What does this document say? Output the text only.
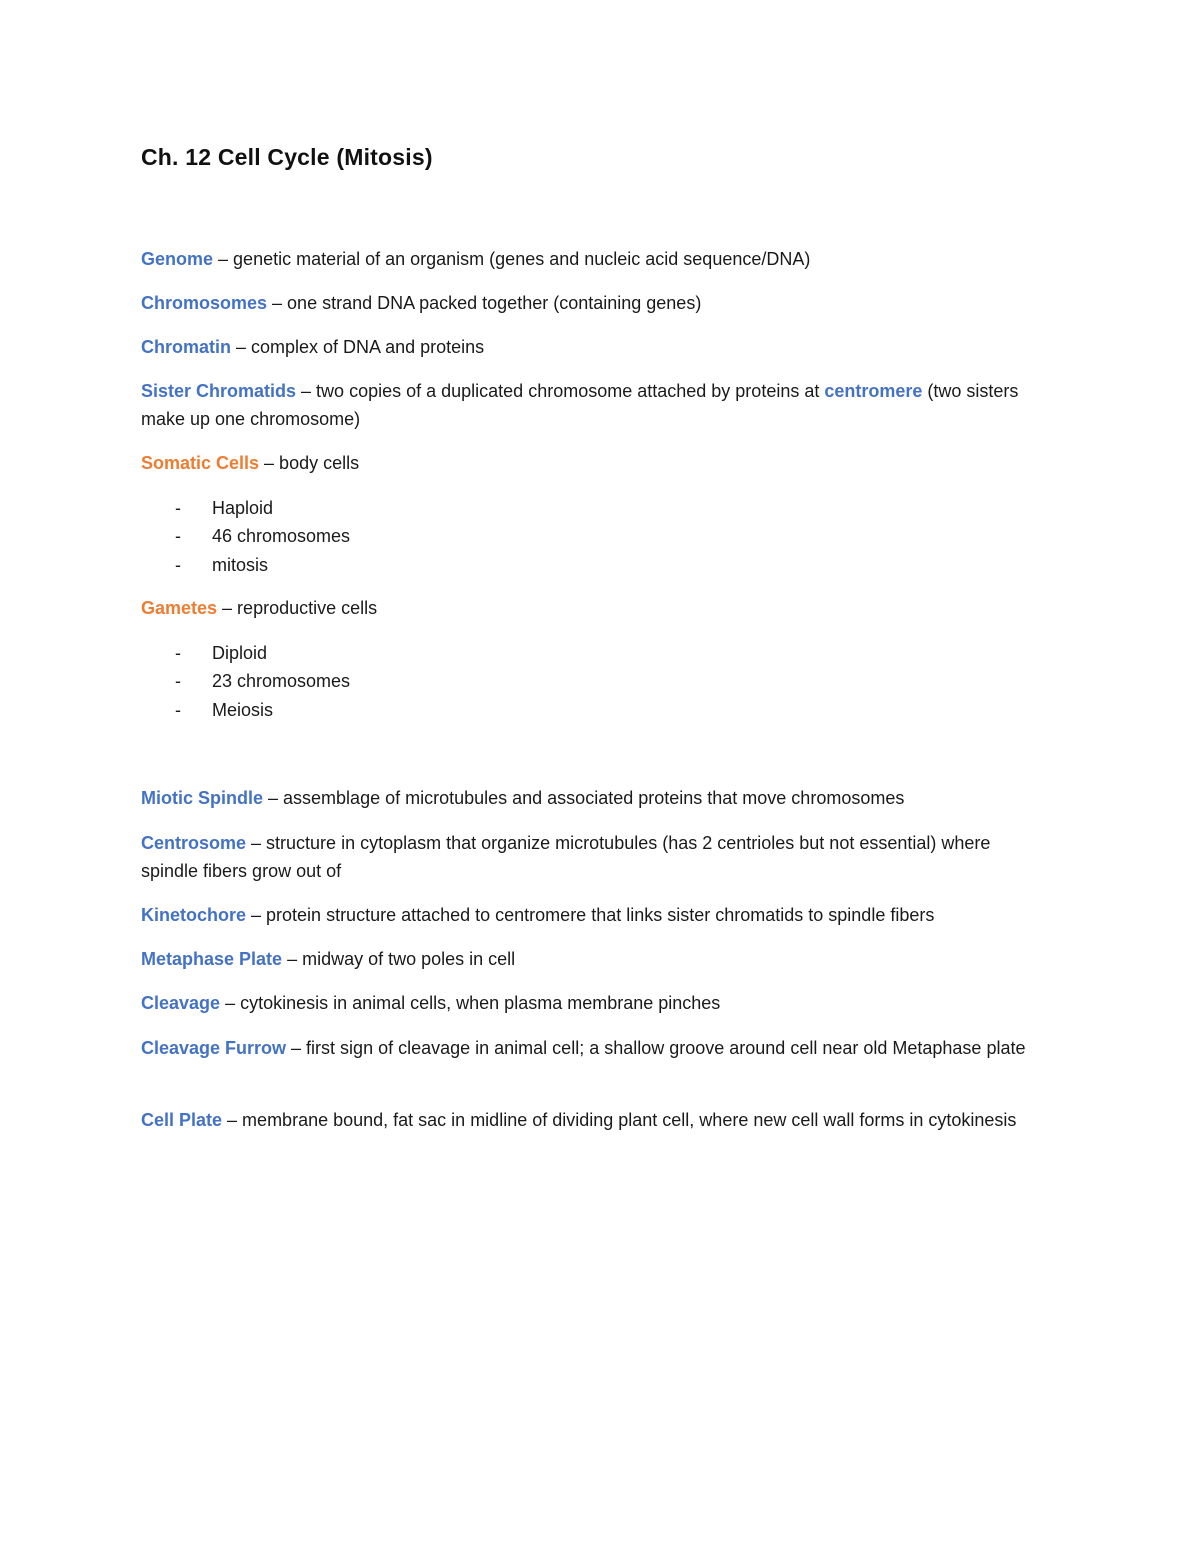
Ch. 12 Cell Cycle (Mitosis)

Genome – genetic material of an organism (genes and nucleic acid sequence/DNA)

Chromosomes – one strand DNA packed together (containing genes)

Chromatin – complex of DNA and proteins

Sister Chromatids – two copies of a duplicated chromosome attached by proteins at centromere (two sisters make up one chromosome)

Somatic Cells – body cells

- Haploid
- 46 chromosomes
- mitosis

Gametes – reproductive cells

- Diploid
- 23 chromosomes
- Meiosis

Miotic Spindle – assemblage of microtubules and associated proteins that move chromosomes

Centrosome – structure in cytoplasm that organize microtubules (has 2 centrioles but not essential) where spindle fibers grow out of

Kinetochore – protein structure attached to centromere that links sister chromatids to spindle fibers

Metaphase Plate – midway of two poles in cell

Cleavage – cytokinesis in animal cells, when plasma membrane pinches

Cleavage Furrow – first sign of cleavage in animal cell; a shallow groove around cell near old Metaphase plate

Cell Plate – membrane bound, fat sac in midline of dividing plant cell, where new cell wall forms in cytokinesis
